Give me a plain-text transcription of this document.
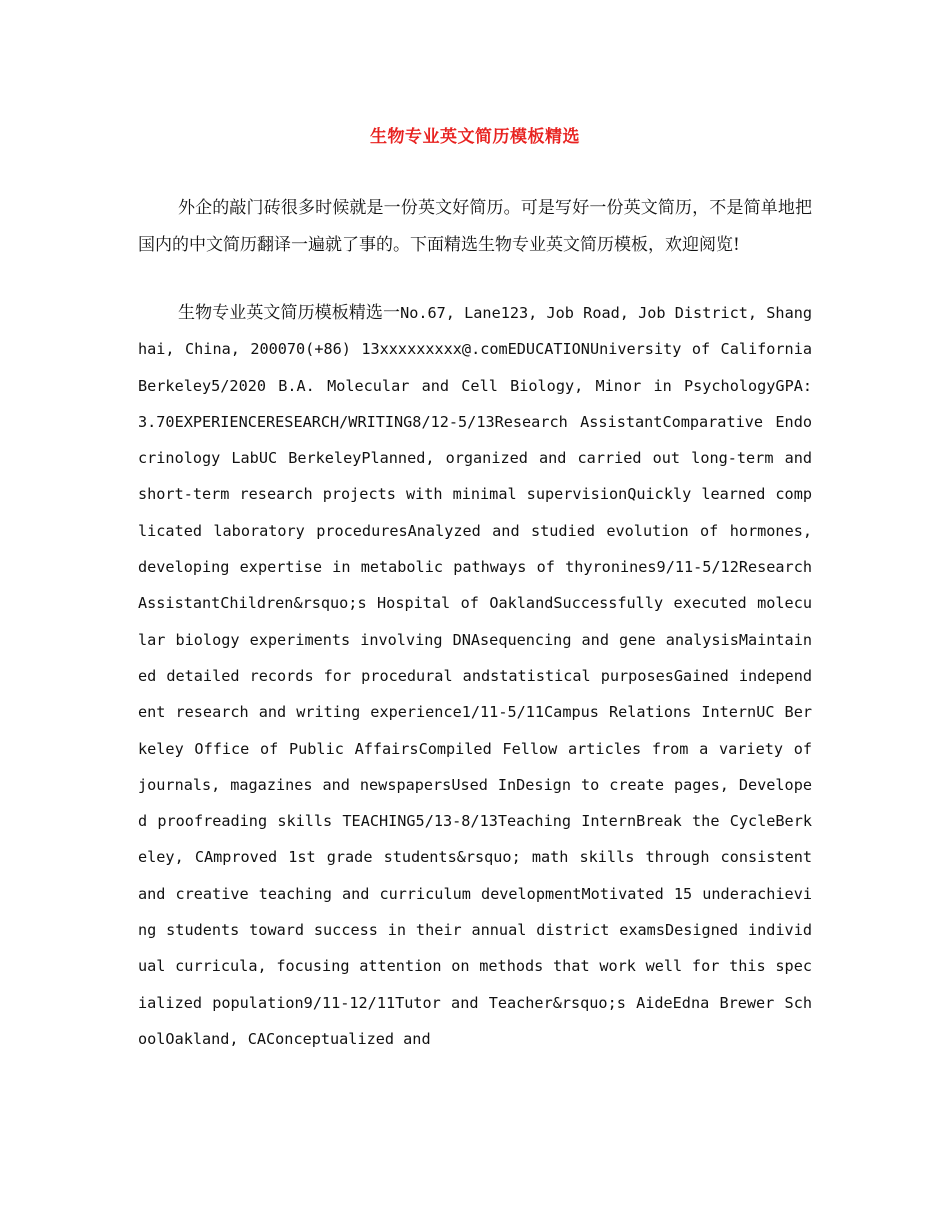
生物专业英文简历模板精选

外企的敲门砖很多时候就是一份英文好简历。可是写好一份英文简历，不是简单地把国内的中文简历翻译一遍就了事的。下面精选生物专业英文简历模板，欢迎阅览!

生物专业英文简历模板精选一No.67, Lane123, Job Road, Job District, Shanghai, China, 200070(+86) 13xxxxxxxxx@.comEDUCATIONUniversity of CaliforniaBerkeley5/2020 B.A. Molecular and Cell Biology, Minor in PsychologyGPA: 3.70EXPERIENCERESEARCH/WRITING8/12-5/13Research AssistantComparative Endocrinology LabUC BerkeleyPlanned, organized and carried out long-term and short-term research projects with minimal supervisionQuickly learned complicated laboratory proceduresAnalyzed and studied evolution of hormones, developing expertise in metabolic pathways of thyronines9/11-5/12Research AssistantChildren&rsquo;s Hospital of OaklandSuccessfully executed molecular biology experiments involving DNAsequencing and gene analysisMaintained detailed records for procedural andstatistical purposesGained independent research and writing experience1/11-5/11Campus Relations InternUC Berkeley Office of Public AffairsCompiled Fellow articles from a variety of journals, magazines and newspapersUsed InDesign to create pages, Developed proofreading skills TEACHING5/13-8/13Teaching InternBreak the CycleBerkeley, CAmproved 1st grade students&rsquo; math skills through consistent and creative teaching and curriculum developmentMotivated 15 underachieving students toward success in their annual district examsDesigned individual curricula, focusing attention on methods that work well for this specialized population9/11-12/11Tutor and Teacher&rsquo;s AideEdna Brewer SchoolOakland, CAConceptualized and
